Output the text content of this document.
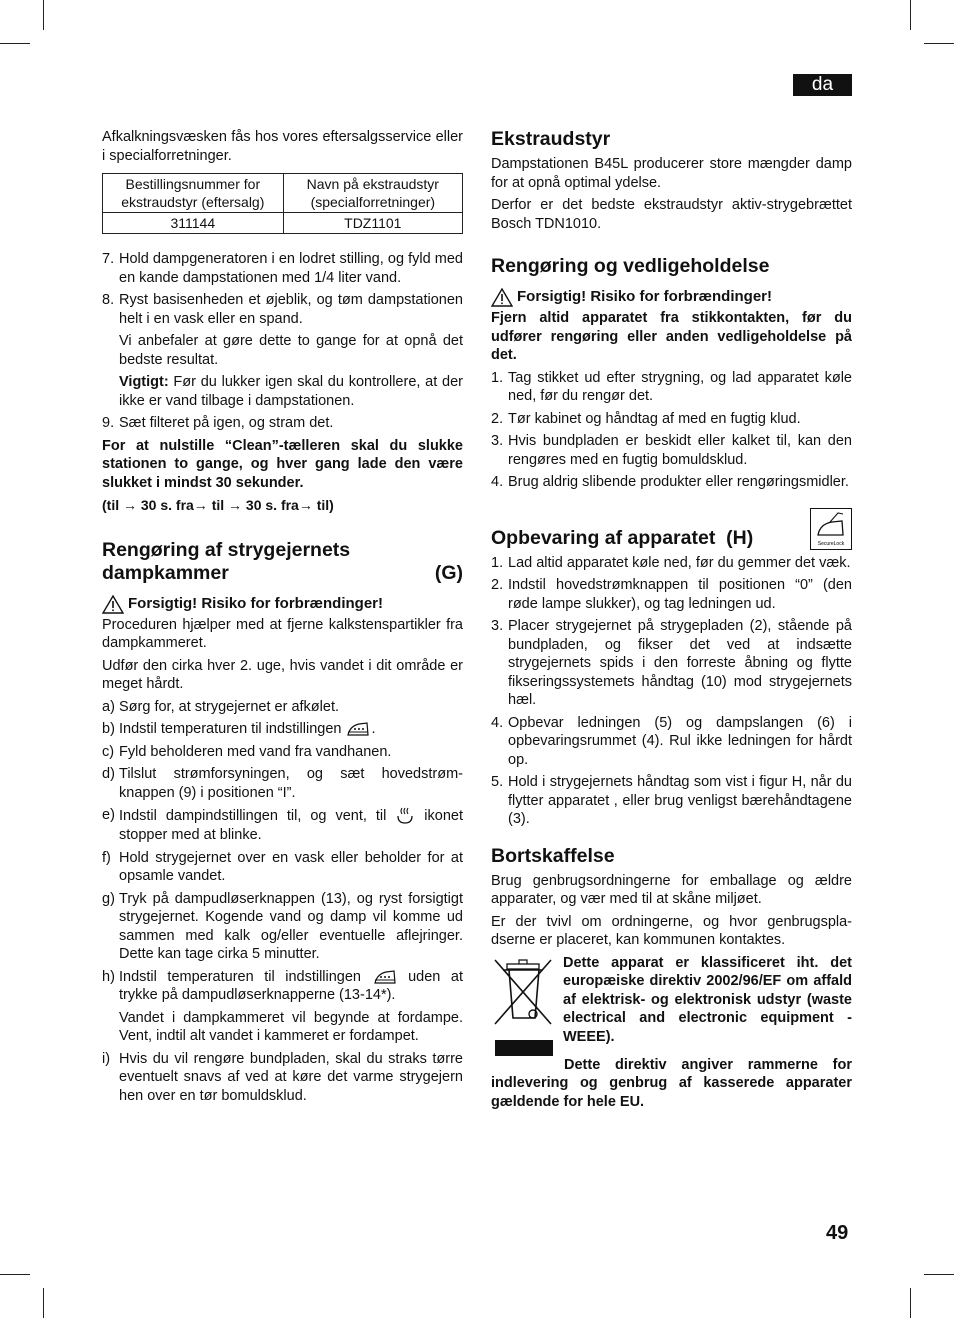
da

Afkalkningsvæsken fås hos vores eftersalgsservice eller i specialforretninger.

Bestillingsnummer for ekstraudstyr (eftersalg)	Navn på ekstraudstyr (specialforretninger)
311144	TDZ1101
7. Hold dampgeneratoren i en lodret stilling, og fyld med en kande dampstationen med 1/4 liter vand.
8. Ryst basisenheden et øjeblik, og tøm dampstationen helt i en vask eller en spand.

Vi anbefaler at gøre dette to gange for at opnå det bedste resultat.

Vigtigt: Før du lukker igen skal du kontrollere, at der ikke er vand tilbage i dampstationen.

9. Sæt filteret på igen, og stram det.

For at nulstille “Clean”-tælleren skal du slukke stationen to gange, og hver gang lade den være slukket i mindst 30 sekunder.

(til → 30 s. fra→ til → 30 s. fra→ til)

Rengøring af strygejernets
dampkammer	(G)
Forsigtig! Risiko for forbrændinger!

Proceduren hjælper med at fjerne kalkstenspartikler fra dampkammeret.

Udfør den cirka hver 2. uge, hvis vandet i dit område er meget hårdt.

a) Sørg for, at strygejernet er afkølet.
b) Indstil temperaturen til indstillingen .
c) Fyld beholderen med vand fra vandhanen.
d) Tilslut strømforsyningen, og sæt hovedstrøm-knappen (9) i positionen “I”.
e) Indstil dampindstillingen til, og vent, til  ikonet stopper med at blinke.
f) Hold strygejernet over en vask eller beholder for at opsamle vandet.
g) Tryk på dampudløserknappen (13), og ryst forsigtigt strygejernet. Kogende vand og damp vil komme ud sammen med kalk og/eller eventuelle aflejringer. Dette kan tage cirka 5 minutter.
h) Indstil temperaturen til indstillingen	uden at trykke på dampudløserknapperne (13-14*).

Vandet i dampkammeret vil begynde at fordampe. Vent, indtil alt vandet i kammeret er fordampet.

i) Hvis du vil rengøre bundpladen, skal du straks tørre eventuelt snavs af ved at køre det varme strygejern hen over en tør bomuldsklud.
Ekstraudstyr

Dampstationen B45L producerer store mængder damp for at opnå optimal ydelse.

Derfor er det bedste ekstraudstyr aktiv-strygebrættet Bosch TDN1010.

Rengøring og vedligeholdelse
Forsigtig! Risiko for forbrændinger!

Fjern altid apparatet fra stikkontakten, før du udfører rengøring eller anden vedligeholdelse på det.

1. Tag stikket ud efter strygning, og lad apparatet køle ned, før du rengør det.
2. Tør kabinet og håndtag af med en fugtig klud.
3. Hvis bundpladen er beskidt eller kalket til, kan den rengøres med en fugtig bomuldsklud.
4. Brug aldrig slibende produkter eller rengøringsmidler.
Opbevaring af apparatet (H)	SecureLock
1. Lad altid apparatet køle ned, før du gemmer det væk.
2. Indstil hovedstrømknappen til positionen “0” (den røde lampe slukker), og tag ledningen ud.
3. Placer strygejernet på strygepladen (2), stående på bundpladen, og fikser det ved at indsætte strygejernets spids i den forreste åbning og flytte fikseringssystemets håndtag (10) mod strygejernets hæl.
4. Opbevar ledningen (5) og dampslangen (6) i opbevaringsrummet (4). Rul ikke ledningen for hårdt op.
5. Hold i strygejernets håndtag som vist i figur H, når du flytter apparatet , eller brug venligst bærehåndtagene (3).
Bortskaffelse

Brug genbrugsordningerne for emballage og ældre apparater, og vær med til at skåne miljøet.

Er der tvivl om ordningerne, og hvor genbrugspla-dserne er placeret, kan kommunen kontaktes.

Dette apparat er klassificeret iht. det europæiske direktiv 2002/96/EF om affald af elektrisk- og elektronisk udstyr (waste electrical and electronic equipment - WEEE).

Dette direktiv angiver rammerne for indlevering og genbrug af kasserede apparater gældende for hele EU.

49
